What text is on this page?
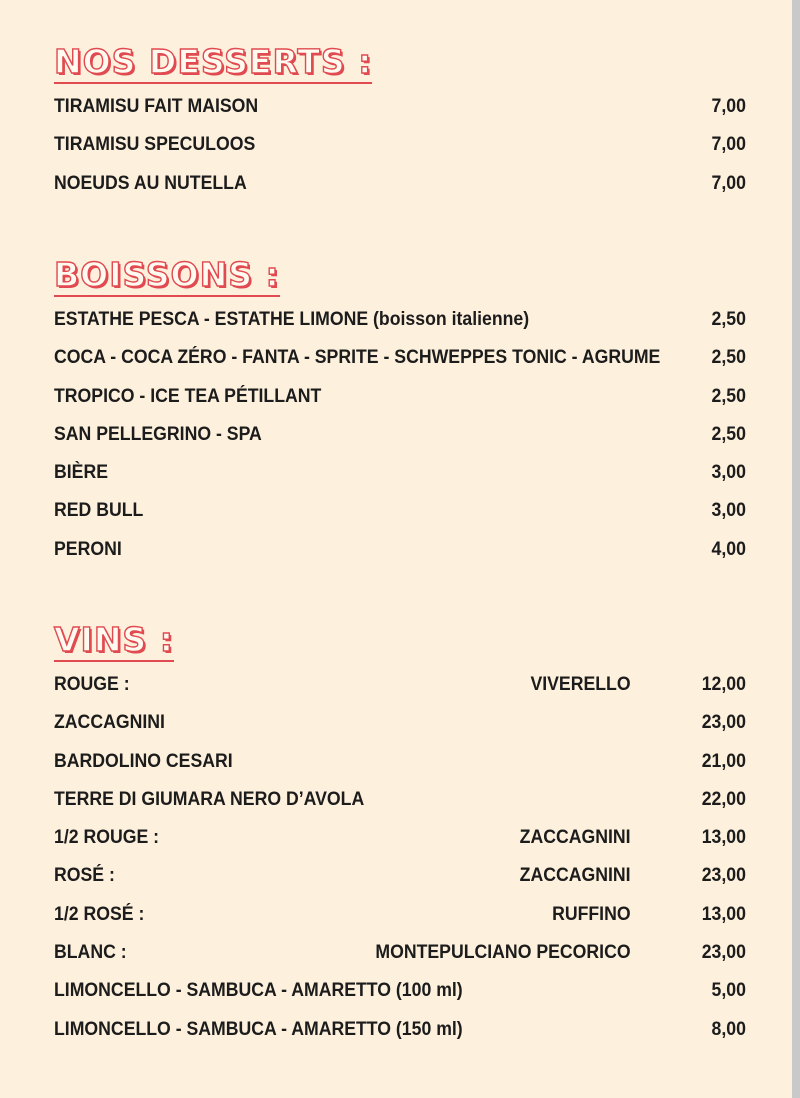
NOS DESSERTS :
TIRAMISU FAIT MAISON	7,00
TIRAMISU SPECULOOS	7,00
NOEUDS AU NUTELLA	7,00
BOISSONS :
ESTATHE PESCA - ESTATHE LIMONE (boisson italienne)	2,50
COCA - COCA ZÉRO - FANTA - SPRITE - SCHWEPPES TONIC - AGRUME	2,50
TROPICO - ICE TEA PÉTILLANT	2,50
SAN PELLEGRINO - SPA	2,50
BIÈRE	3,00
RED BULL	3,00
PERONI	4,00
VINS :
ROUGE :	VIVERELLO	12,00
ZACCAGNINI	23,00
BARDOLINO CESARI	21,00
TERRE DI GIUMARA NERO D’AVOLA	22,00
1/2 ROUGE :	ZACCAGNINI	13,00
ROSÉ :	ZACCAGNINI	23,00
1/2 ROSÉ :	RUFFINO	13,00
BLANC :	MONTEPULCIANO PECORICO	23,00
LIMONCELLO - SAMBUCA - AMARETTO (100 ml)	5,00
LIMONCELLO - SAMBUCA - AMARETTO (150 ml)	8,00
